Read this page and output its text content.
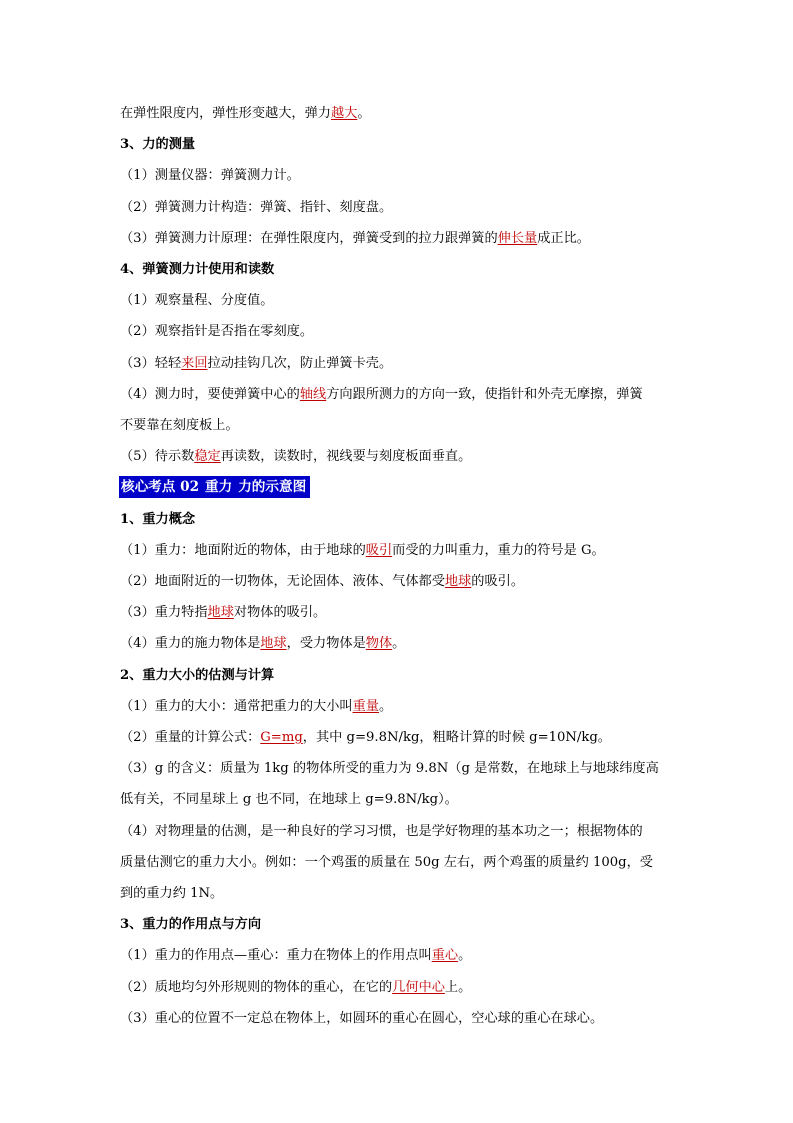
在弹性限度内，弹性形变越大，弹力越大。
3、力的测量
（1）测量仪器：弹簧测力计。
（2）弹簧测力计构造：弹簧、指针、刻度盘。
（3）弹簧测力计原理：在弹性限度内，弹簧受到的拉力跟弹簧的伸长量成正比。
4、弹簧测力计使用和读数
（1）观察量程、分度值。
（2）观察指针是否指在零刻度。
（3）轻轻来回拉动挂钩几次，防止弹簧卡壳。
（4）测力时，要使弹簧中心的轴线方向跟所测力的方向一致，使指针和外壳无摩擦，弹簧
不要靠在刻度板上。
（5）待示数稳定再读数，读数时，视线要与刻度板面垂直。
核心考点 02 重力 力的示意图
1、重力概念
（1）重力：地面附近的物体，由于地球的吸引而受的力叫重力，重力的符号是 G。
（2）地面附近的一切物体，无论固体、液体、气体都受地球的吸引。
（3）重力特指地球对物体的吸引。
（4）重力的施力物体是地球，受力物体是物体。
2、重力大小的估测与计算
（1）重力的大小：通常把重力的大小叫重量。
（2）重量的计算公式：G=mg，其中 g=9.8N/kg，粗略计算的时候 g=10N/kg。
（3）g 的含义：质量为 1kg 的物体所受的重力为 9.8N（g 是常数，在地球上与地球纬度高
低有关，不同星球上 g 也不同，在地球上 g=9.8N/kg）。
（4）对物理量的估测，是一种良好的学习习惯，也是学好物理的基本功之一；根据物体的
质量估测它的重力大小。例如：一个鸡蛋的质量在 50g 左右，两个鸡蛋的质量约 100g，受
到的重力约 1N。
3、重力的作用点与方向
（1）重力的作用点—重心：重力在物体上的作用点叫重心。
（2）质地均匀外形规则的物体的重心，在它的几何中心上。
（3）重心的位置不一定总在物体上，如圆环的重心在圆心，空心球的重心在球心。
